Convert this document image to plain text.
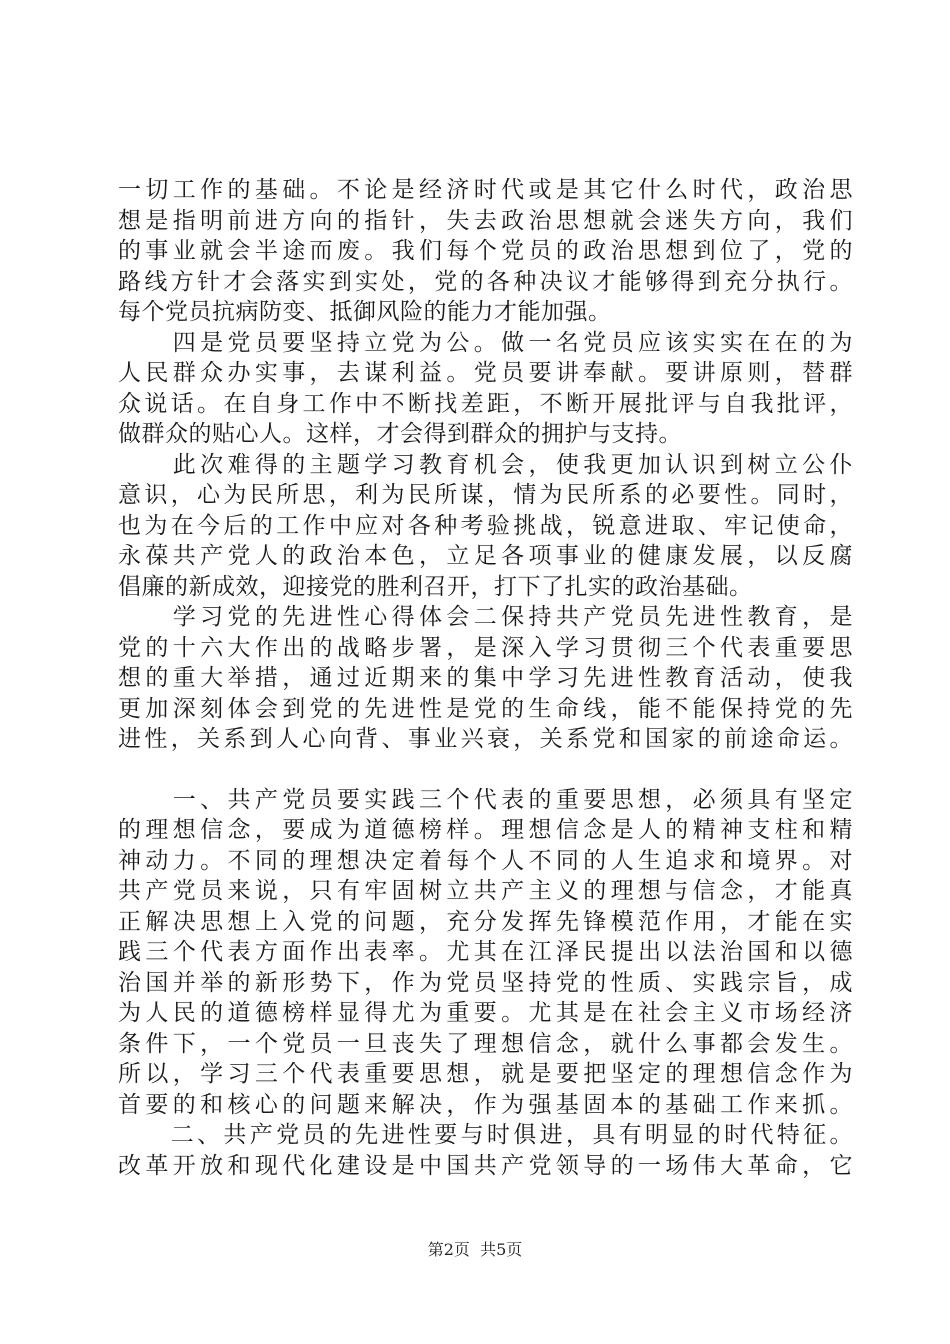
一切工作的基础。不论是经济时代或是其它什么时代，政治思
想是指明前进方向的指针，失去政治思想就会迷失方向，我们
的事业就会半途而废。我们每个党员的政治思想到位了，党的
路线方针才会落实到实处，党的各种决议才能够得到充分执行。
每个党员抗病防变、抵御风险的能力才能加强。
　　四是党员要坚持立党为公。做一名党员应该实实在在的为
人民群众办实事，去谋利益。党员要讲奉献。要讲原则，替群
众说话。在自身工作中不断找差距，不断开展批评与自我批评，
做群众的贴心人。这样，才会得到群众的拥护与支持。
　　此次难得的主题学习教育机会，使我更加认识到树立公仆
意识，心为民所思，利为民所谋，情为民所系的必要性。同时，
也为在今后的工作中应对各种考验挑战，锐意进取、牢记使命，
永葆共产党人的政治本色，立足各项事业的健康发展，以反腐
倡廉的新成效，迎接党的胜利召开，打下了扎实的政治基础。
　　学习党的先进性心得体会二保持共产党员先进性教育，是
党的十六大作出的战略步署，是深入学习贯彻三个代表重要思
想的重大举措，通过近期来的集中学习先进性教育活动，使我
更加深刻体会到党的先进性是党的生命线，能不能保持党的先
进性，关系到人心向背、事业兴衰，关系党和国家的前途命运。
　　一、共产党员要实践三个代表的重要思想，必须具有坚定
的理想信念，要成为道德榜样。理想信念是人的精神支柱和精
神动力。不同的理想决定着每个人不同的人生追求和境界。对
共产党员来说，只有牢固树立共产主义的理想与信念，才能真
正解决思想上入党的问题，充分发挥先锋模范作用，才能在实
践三个代表方面作出表率。尤其在江泽民提出以法治国和以德
治国并举的新形势下，作为党员坚持党的性质、实践宗旨，成
为人民的道德榜样显得尤为重要。尤其是在社会主义市场经济
条件下，一个党员一旦丧失了理想信念，就什么事都会发生。
所以，学习三个代表重要思想，就是要把坚定的理想信念作为
首要的和核心的问题来解决，作为强基固本的基础工作来抓。
　　二、共产党员的先进性要与时俱进，具有明显的时代特征。
改革开放和现代化建设是中国共产党领导的一场伟大革命，它
第2页  共5页
